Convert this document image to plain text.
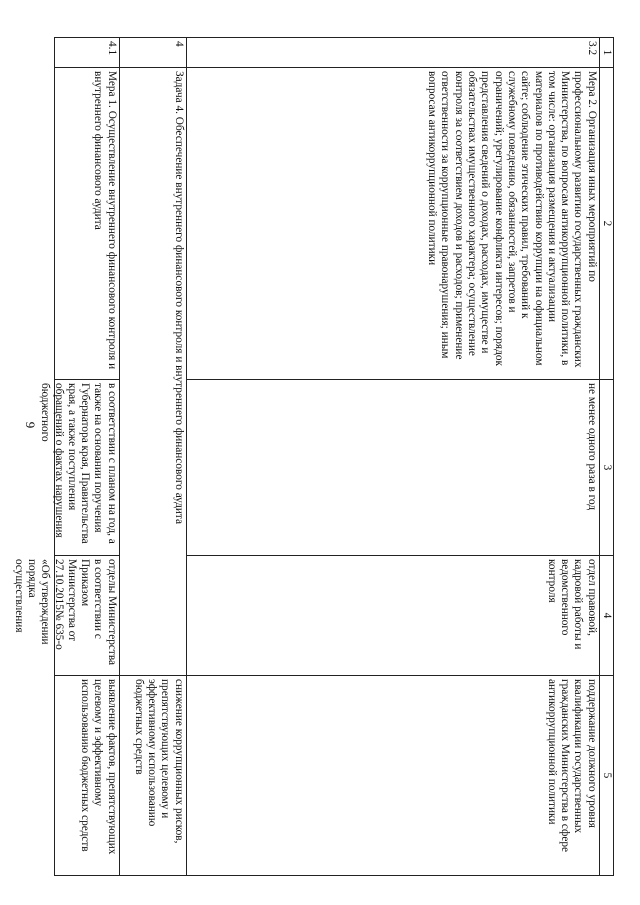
9
1	2	3	4	5
3.2	Мера 2. Организация иных мероприятий по профессиональному развитию государственных гражданских Министерства, по вопросам антикоррупционной политики, в том числе: организация размещения и актуализации материалов по противодействию коррупции на официальном сайте; соблюдение этических правил, требований к служебному поведению, обязанностей, запретов и ограничений; урегулирование конфликта интересов; порядок представления сведений о доходах, расходах, имуществе и обязательствах имущественного характера; осуществление контроля за соответствием доходов и расходов; применение ответственности за коррупционные правонарушения; иным вопросам антикоррупционной политики	не менее одного раза в год	отдел правовой, кадровой работы и ведомственного контроля	поддержание должного уровня квалификации государственных гражданских Министерства в сфере антикоррупционной политики
4	Задача 4. Обеспечение внутреннего финансового контроля и внутреннего финансового аудита			снижение коррупционных рисков, препятствующих целевому и эффективному использованию бюджетных средств
4.1	Мера 1. Осуществление внутреннего финансового контроля и внутреннего финансового аудита	в соответствии с планом на год, а также на основании поручения Губернатора края, Правительства края, а также поступления обращений о фактах нарушения бюджетного	отделы Министерства в соответствии с Приказом Министерства от 27.10.2015№ 635-о «Об утверждении порядка осуществления	выявление фактов, препятствующих целевому и эффективному использованию бюджетных средств
